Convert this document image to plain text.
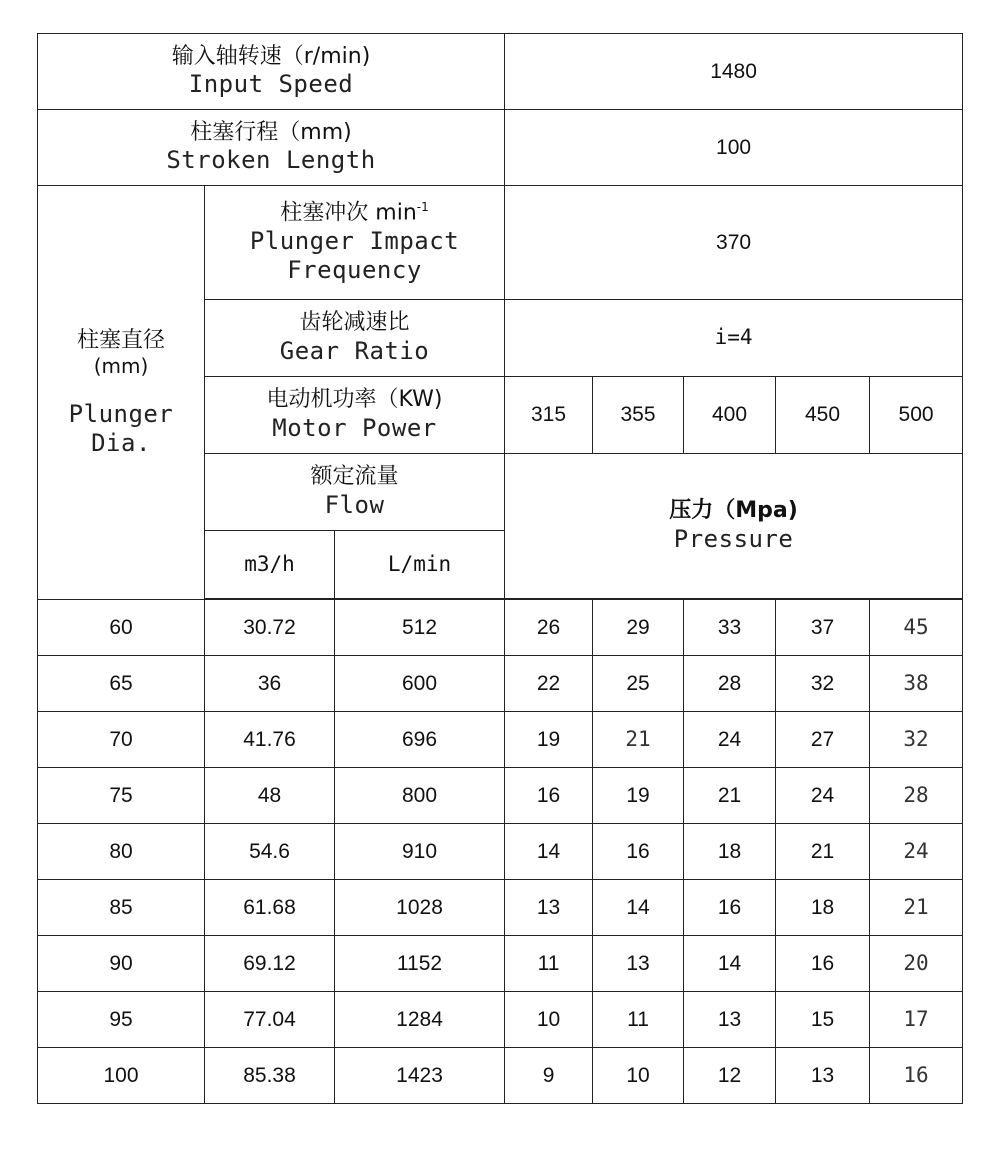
输入轴转速（r/min)
Input Speed			1480				

柱塞行程（mm)
Stroken Length			100				

柱塞直径
(mm)
Plunger
Dia.	柱塞冲次 $\min^{-1}$
Plunger Impact
Frequency		370				

	齿轮减速比
Gear Ratio		i=4				

	电动机功率（KW)
Motor Power		315	355	400	450	500

	额定流量
Flow		压力（Mpa)
Pressure				

	m3/h	L/min					

60	30.72	512	26	29	33	37	45
65	36	600	22	25	28	32	38
70	41.76	696	19	21	24	27	32
75	48	800	16	19	21	24	28
80	54.6	910	14	16	18	21	24
85	61.68	1028	13	14	16	18	21
90	69.12	1152	11	13	14	16	20
95	77.04	1284	10	11	13	15	17
100	85.38	1423	9	10	12	13	16
